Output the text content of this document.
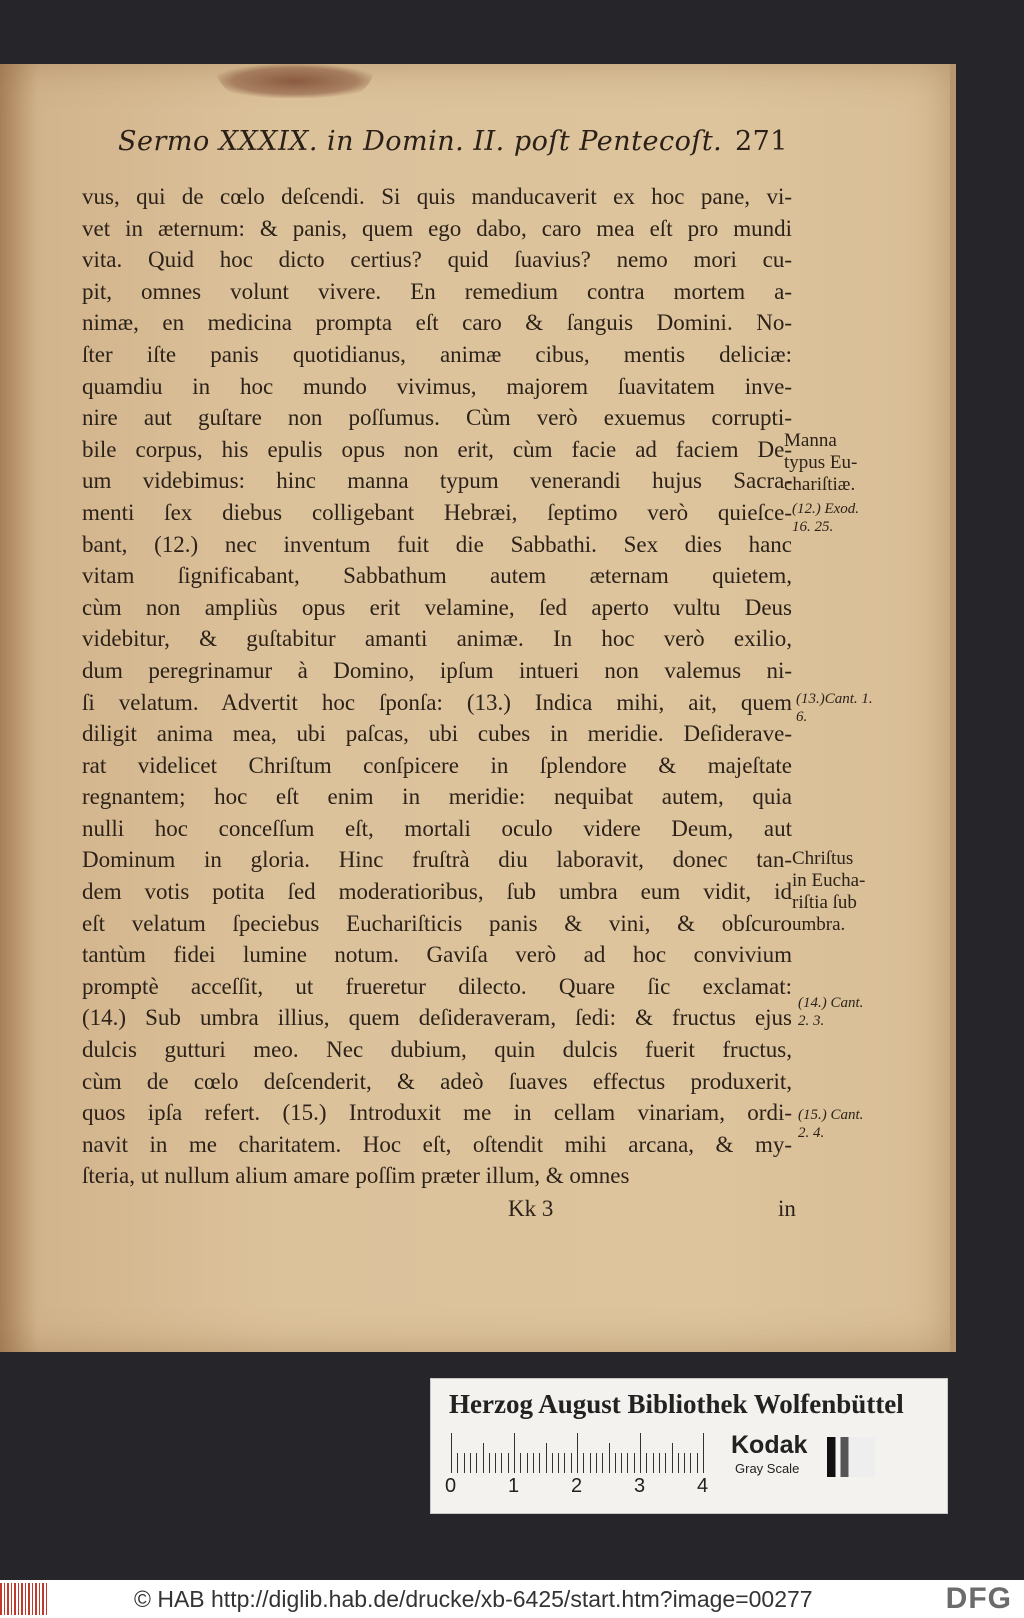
Sermo XXXIX. in Domin. II. poſt Pentecoſt. 271
vus, qui de cœlo deſcendi. Si quis manducaverit ex hoc pane, vi-
vet in æternum: & panis, quem ego dabo, caro mea eſt pro mundi
vita. Quid hoc dicto certius? quid ſuavius? nemo mori cu-
pit, omnes volunt vivere. En remedium contra mortem a-
nimæ, en medicina prompta eſt caro & ſanguis Domini. No-
ſter iſte panis quotidianus, animæ cibus, mentis deliciæ:
quamdiu in hoc mundo vivimus, majorem ſuavitatem inve-
nire aut guſtare non poſſumus. Cùm verò exuemus corrupti-
bile corpus, his epulis opus non erit, cùm facie ad faciem De-
um videbimus: hinc manna typum venerandi hujus Sacra-
menti ſex diebus colligebant Hebræi, ſeptimo verò quieſce-
bant, (12.) nec inventum fuit die Sabbathi. Sex dies hanc
vitam ſignificabant, Sabbathum autem æternam quietem,
cùm non ampliùs opus erit velamine, ſed aperto vultu Deus
videbitur, & guſtabitur amanti animæ. In hoc verò exilio,
dum peregrinamur à Domino, ipſum intueri non valemus ni-
ſi velatum. Advertit hoc ſponſa: (13.) Indica mihi, ait, quem
diligit anima mea, ubi paſcas, ubi cubes in meridie. Deſiderave-
rat videlicet Chriſtum conſpicere in ſplendore & majeſtate
regnantem; hoc eſt enim in meridie: nequibat autem, quia
nulli hoc conceſſum eſt, mortali oculo videre Deum, aut
Dominum in gloria. Hinc fruſtrà diu laboravit, donec tan-
dem votis potita ſed moderatioribus, ſub umbra eum vidit, id
eſt velatum ſpeciebus Euchariſticis panis & vini, & obſcuro
tantùm fidei lumine notum. Gaviſa verò ad hoc convivium
promptè acceſſit, ut frueretur dilecto. Quare ſic exclamat:
(14.) Sub umbra illius, quem deſideraveram, ſedi: & fructus ejus
dulcis gutturi meo. Nec dubium, quin dulcis fuerit fructus,
cùm de cœlo deſcenderit, & adeò ſuaves effectus produxerit,
quos ipſa refert. (15.) Introduxit me in cellam vinariam, ordi-
navit in me charitatem. Hoc eſt, oſtendit mihi arcana, & my-
ſteria, ut nullum alium amare poſſim præter illum, & omnes
Manna
typus Eu-
chariſtiæ.
(12.) Exod.
16. 25.
(13.)Cant. 1.
6.
Chriſtus
in Eucha-
riſtia ſub
umbra.
(14.) Cant.
2. 3.
(15.) Cant.
2. 4.
Kk 3	in
Herzog August Bibliothek Wolfenbüttel
0	1	2	3	4
Kodak
Gray Scale
© HAB http://diglib.hab.de/drucke/xb-6425/start.htm?image=00277	DFG
